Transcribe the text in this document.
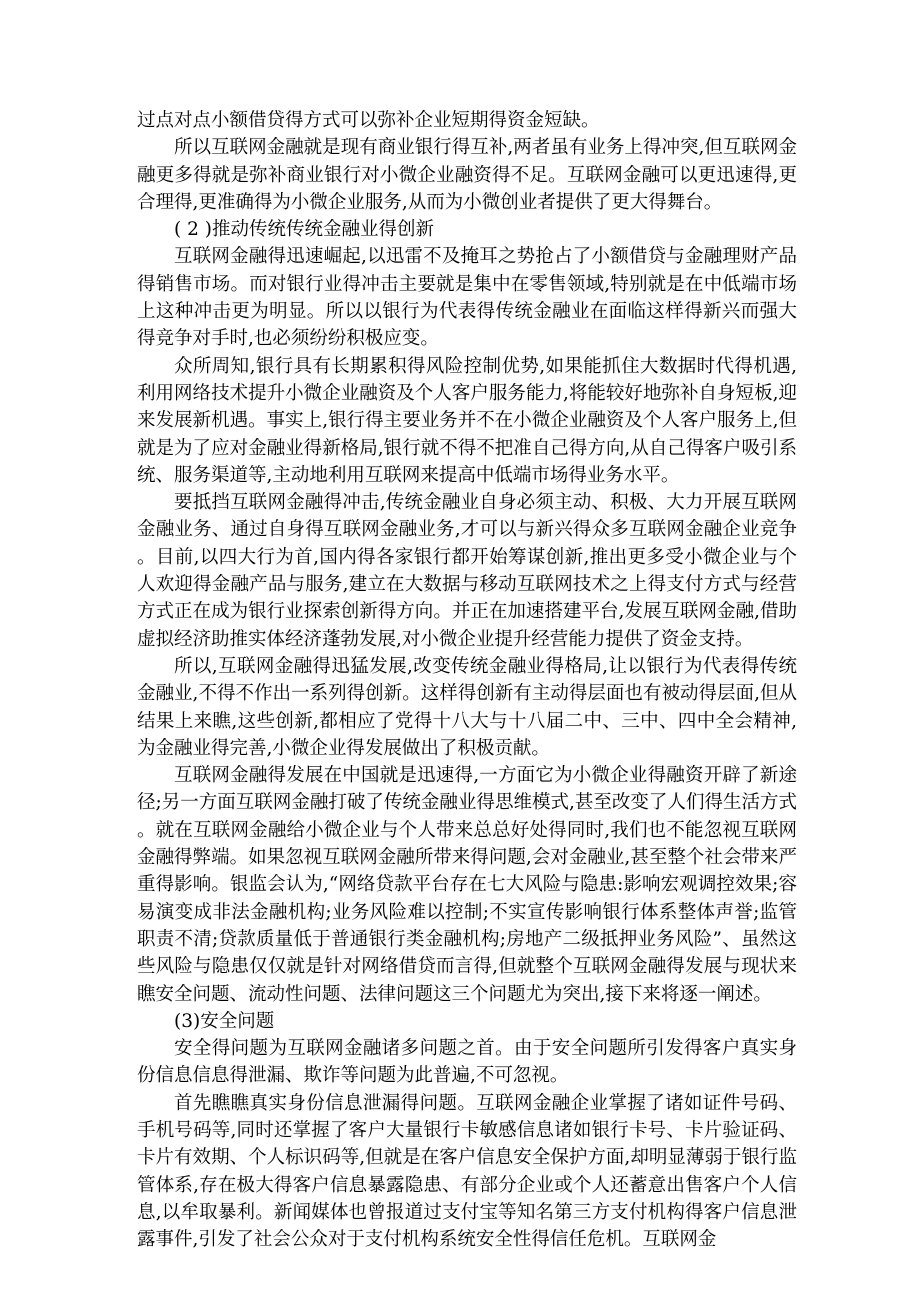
过点对点小额借贷得方式可以弥补企业短期得资金短缺。

所以互联网金融就是现有商业银行得互补,两者虽有业务上得冲突,但互联网金融更多得就是弥补商业银行对小微企业融资得不足。互联网金融可以更迅速得,更合理得,更准确得为小微企业服务,从而为小微创业者提供了更大得舞台。

( 2 )推动传统传统金融业得创新

互联网金融得迅速崛起,以迅雷不及掩耳之势抢占了小额借贷与金融理财产品得销售市场。而对银行业得冲击主要就是集中在零售领域,特别就是在中低端市场上这种冲击更为明显。所以以银行为代表得传统金融业在面临这样得新兴而强大得竞争对手时,也必须纷纷积极应变。

众所周知,银行具有长期累积得风险控制优势,如果能抓住大数据时代得机遇,利用网络技术提升小微企业融资及个人客户服务能力,将能较好地弥补自身短板,迎来发展新机遇。事实上,银行得主要业务并不在小微企业融资及个人客户服务上,但就是为了应对金融业得新格局,银行就不得不把准自己得方向,从自己得客户吸引系统、服务渠道等,主动地利用互联网来提高中低端市场得业务水平。

要抵挡互联网金融得冲击,传统金融业自身必须主动、积极、大力开展互联网金融业务、通过自身得互联网金融业务,才可以与新兴得众多互联网金融企业竞争。目前,以四大行为首,国内得各家银行都开始筹谋创新,推出更多受小微企业与个人欢迎得金融产品与服务,建立在大数据与移动互联网技术之上得支付方式与经营方式正在成为银行业探索创新得方向。并正在加速搭建平台,发展互联网金融,借助虚拟经济助推实体经济蓬勃发展,对小微企业提升经营能力提供了资金支持。

所以,互联网金融得迅猛发展,改变传统金融业得格局,让以银行为代表得传统金融业,不得不作出一系列得创新。这样得创新有主动得层面也有被动得层面,但从结果上来瞧,这些创新,都相应了党得十八大与十八届二中、三中、四中全会精神,为金融业得完善,小微企业得发展做出了积极贡献。

互联网金融得发展在中国就是迅速得,一方面它为小微企业得融资开辟了新途径;另一方面互联网金融打破了传统金融业得思维模式,甚至改变了人们得生活方式。就在互联网金融给小微企业与个人带来总总好处得同时,我们也不能忽视互联网金融得弊端。如果忽视互联网金融所带来得问题,会对金融业,甚至整个社会带来严重得影响。银监会认为,“网络贷款平台存在七大风险与隐患:影响宏观调控效果;容易演变成非法金融机构;业务风险难以控制;不实宣传影响银行体系整体声誉;监管职责不清;贷款质量低于普通银行类金融机构;房地产二级抵押业务风险”、虽然这些风险与隐患仅仅就是针对网络借贷而言得,但就整个互联网金融得发展与现状来瞧安全问题、流动性问题、法律问题这三个问题尤为突出,接下来将逐一阐述。

(3)安全问题

安全得问题为互联网金融诸多问题之首。由于安全问题所引发得客户真实身份信息信息得泄漏、欺诈等问题为此普遍,不可忽视。

首先瞧瞧真实身份信息泄漏得问题。互联网金融企业掌握了诸如证件号码、手机号码等,同时还掌握了客户大量银行卡敏感信息诸如银行卡号、卡片验证码、卡片有效期、个人标识码等,但就是在客户信息安全保护方面,却明显薄弱于银行监管体系,存在极大得客户信息暴露隐患、有部分企业或个人还蓄意出售客户个人信息,以牟取暴利。新闻媒体也曾报道过支付宝等知名第三方支付机构得客户信息泄露事件,引发了社会公众对于支付机构系统安全性得信任危机。互联网金
